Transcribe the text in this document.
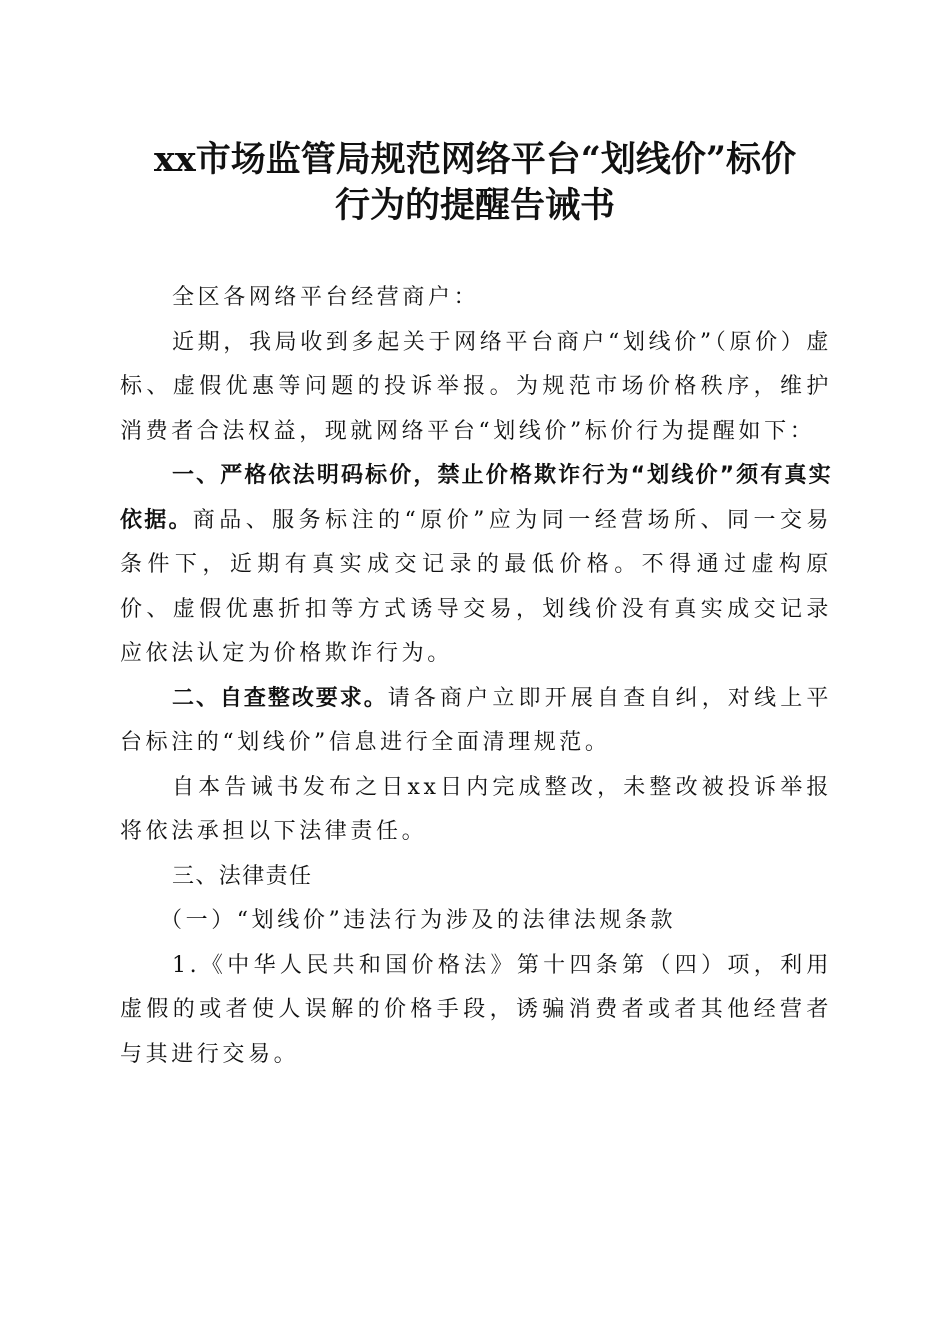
xx市场监管局规范网络平台“划线价”标价
行为的提醒告诫书

全区各网络平台经营商户：

近期，我局收到多起关于网络平台商户“划线价”（原价）虚标、虚假优惠等问题的投诉举报。为规范市场价格秩序，维护消费者合法权益，现就网络平台“划线价”标价行为提醒如下：

一、严格依法明码标价，禁止价格欺诈行为“划线价”须有真实依据。商品、服务标注的“原价”应为同一经营场所、同一交易条件下，近期有真实成交记录的最低价格。不得通过虚构原价、虚假优惠折扣等方式诱导交易，划线价没有真实成交记录应依法认定为价格欺诈行为。

二、自查整改要求。请各商户立即开展自查自纠，对线上平台标注的“划线价”信息进行全面清理规范。

自本告诫书发布之日xx日内完成整改，未整改被投诉举报将依法承担以下法律责任。

三、法律责任

（一）“划线价”违法行为涉及的法律法规条款

1.《中华人民共和国价格法》第十四条第（四）项，利用虚假的或者使人误解的价格手段，诱骗消费者或者其他经营者与其进行交易。
